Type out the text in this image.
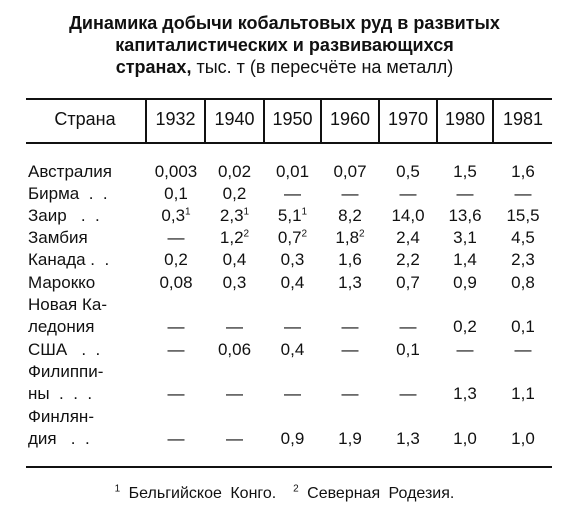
Динамика добычи кобальтовых руд в развитых
капиталистических и развивающихся
странах, тыс. т (в пересчёте на металл)
Страна	1932	1940 1950 1960 1970 1980 1981
Австралия	0,003	0,02	0,01	0,07	0,5	1,5	1,6
Бирма  .  .	0,1	0,2	—	—	—	—	—
Заир   .  .	$0,3^1$	$2,3^1$	$5,1^1$	8,2	14,0	13,6	15,5
Замбия	—	$1,2^2$	$0,7^2$	$1,8^2$	2,4	3,1	4,5
Канада .  .	0,2	0,4	0,3	1,6	2,2	1,4	2,3
Марокко	0,08	0,3	0,4	1,3	0,7	0,9	0,8
Новая Ка-
ледония	—	—	—	—	—	0,2	0,1
США   .  .	—	0,06	0,4	—	0,1	—	—
Филиппи-
ны  .  .  .	—	—	—	—	—	1,3	1,1
Финлян-
дия   .  .	—	—	0,9	1,9	1,3	1,0	1,0
$^1$ Бельгийское Конго. $^2$ Северная Родезия.
